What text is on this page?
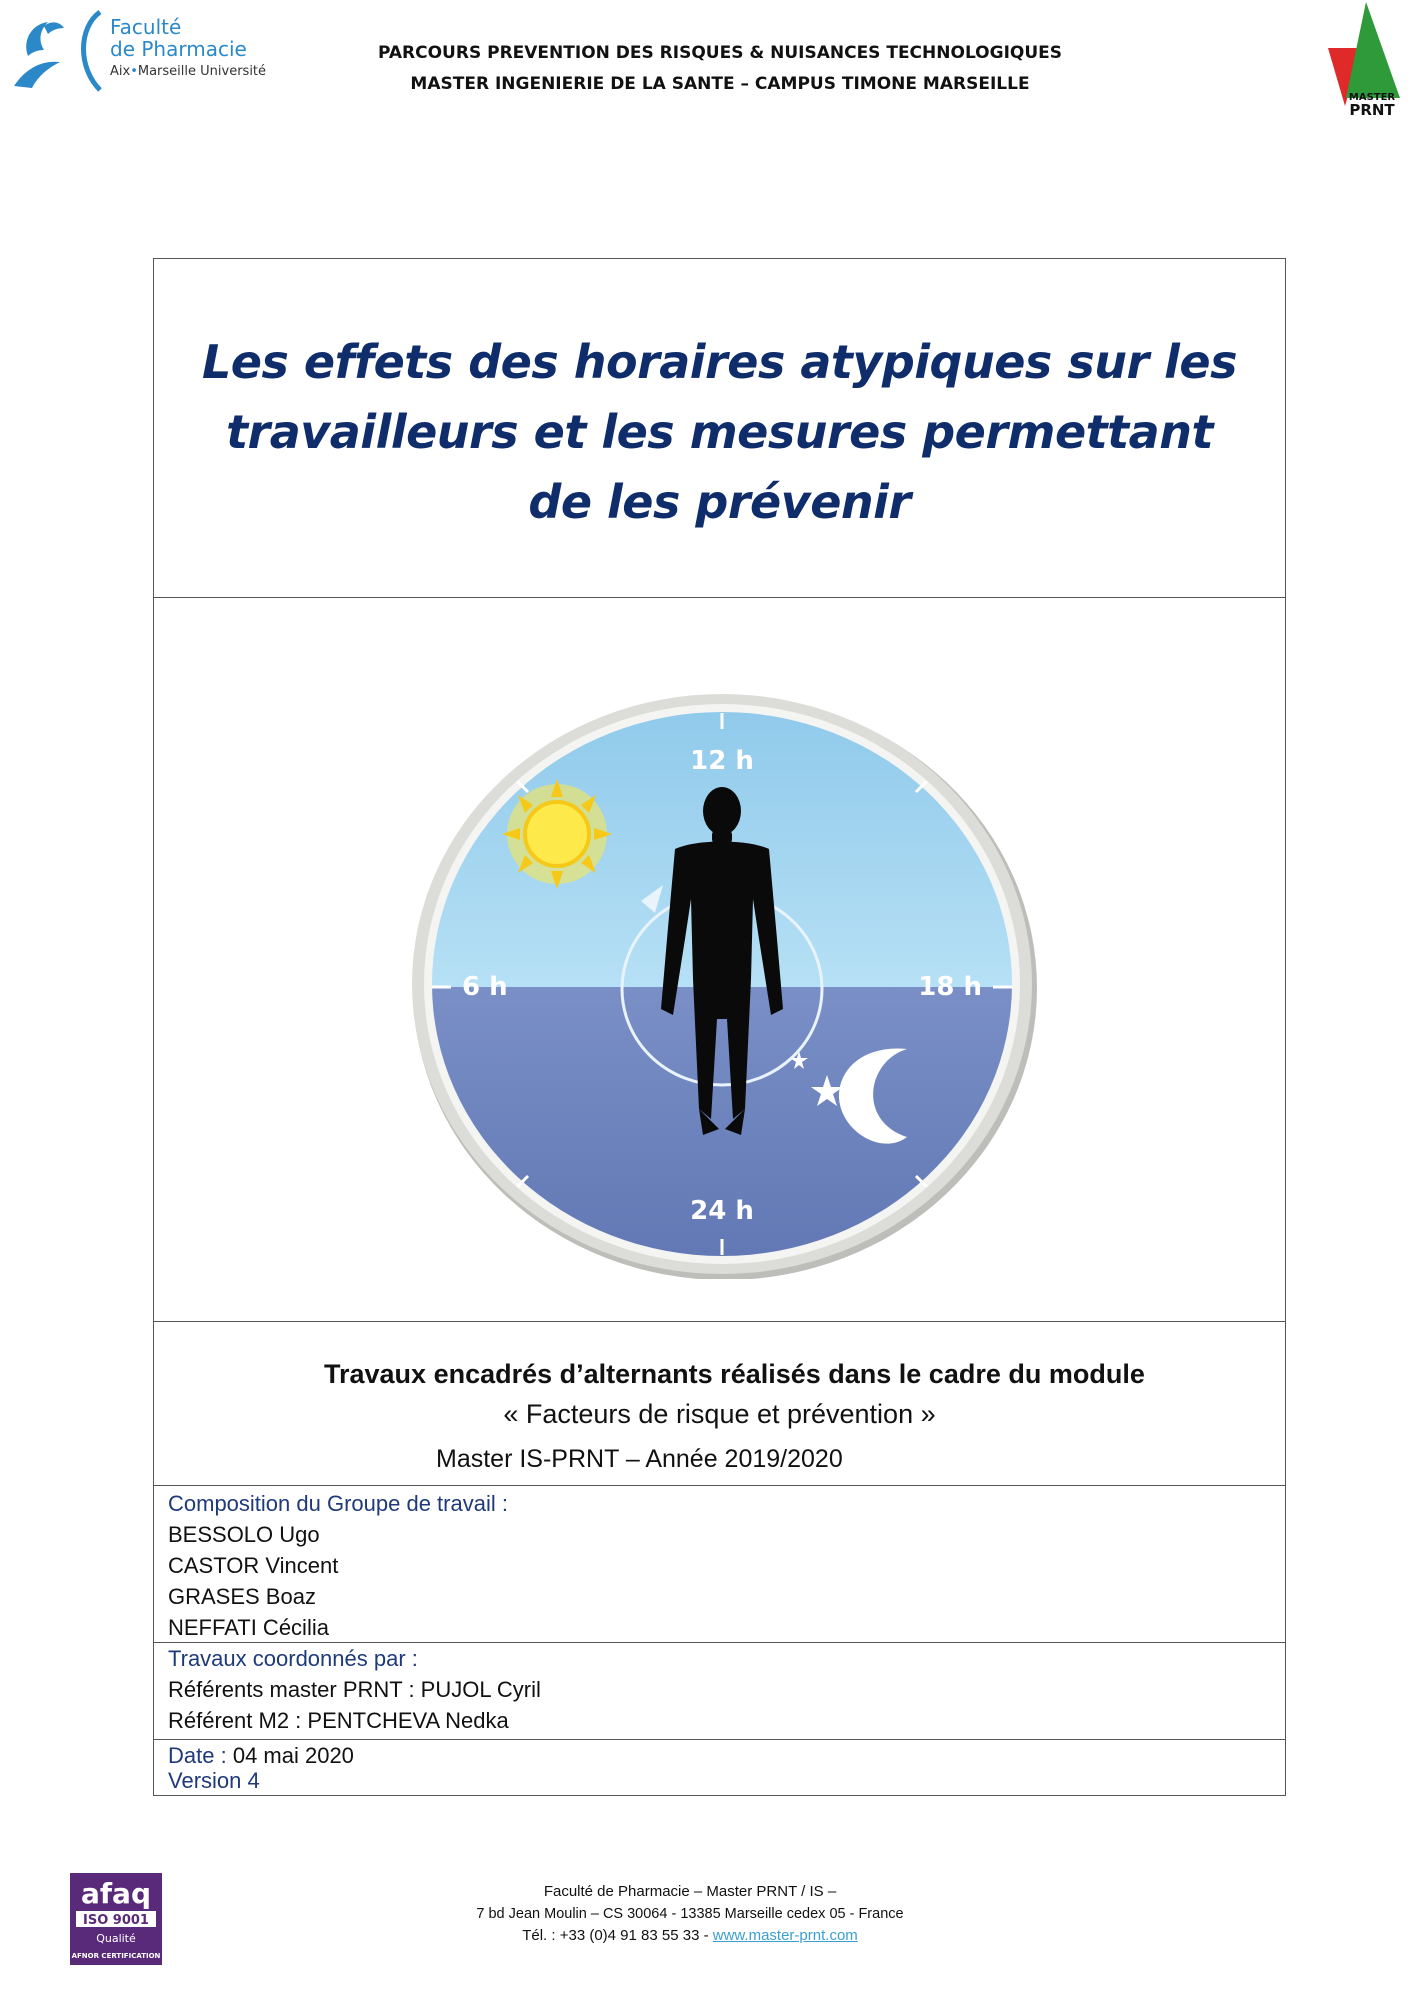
Faculté
de Pharmacie
Aix•Marseille Université
PARCOURS PREVENTION DES RISQUES & NUISANCES TECHNOLOGIQUES
MASTER INGENIERIE DE LA SANTE – CAMPUS TIMONE MARSEILLE
MASTER
PRNT
Les effets des horaires atypiques sur les
travailleurs et les mesures permettant
de les prévenir
12 h
6 h	18 h
24 h
Travaux encadrés d’alternants réalisés dans le cadre du module
« Facteurs de risque et prévention »
Master IS-PRNT – Année 2019/2020
Composition du Groupe de travail :
BESSOLO Ugo
CASTOR Vincent
GRASES Boaz
NEFFATI Cécilia
Travaux coordonnés par :
Référents master PRNT : PUJOL Cyril
Référent M2 : PENTCHEVA Nedka
Date : 04 mai 2020
Version 4
afaq
ISO 9001
Qualité
AFNOR CERTIFICATION
Faculté de Pharmacie – Master PRNT / IS –
7 bd Jean Moulin – CS 30064 - 13385 Marseille cedex 05 - France
Tél. : +33 (0)4 91 83 55 33 - www.master-prnt.com
